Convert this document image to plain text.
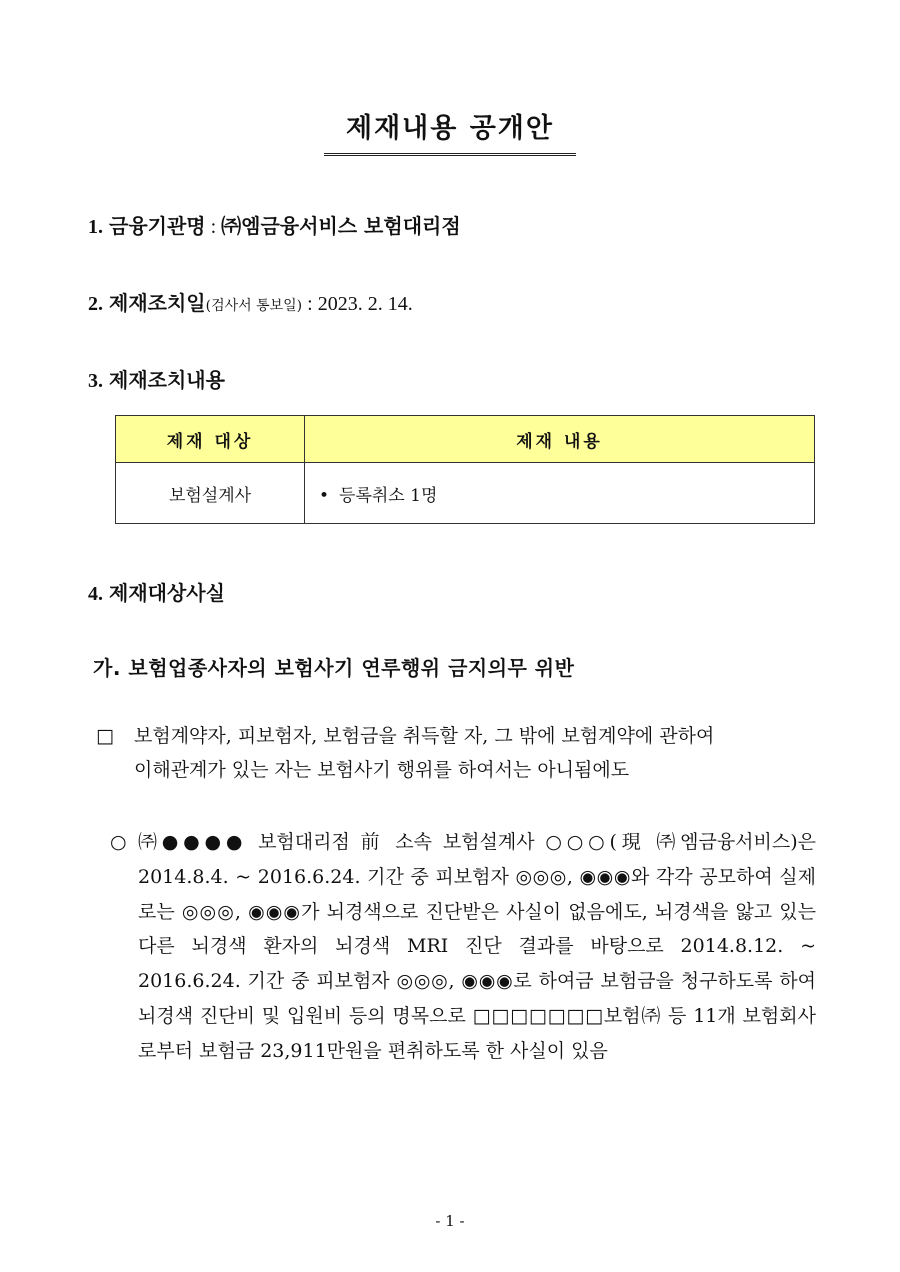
제재내용 공개안
1. 금융기관명 : ㈜엠금융서비스 보험대리점
2. 제재조치일(검사서 통보일) : 2023. 2. 14.
3. 제재조치내용
제재 대상	제재 내용
보험설계사	• 등록취소 1명
4. 제재대상사실
가. 보험업종사자의 보험사기 연루행위 금지의무 위반
□ 보험계약자, 피보험자, 보험금을 취득할 자, 그 밖에 보험계약에 관하여
이해관계가 있는 자는 보험사기 행위를 하여서는 아니됨에도
○ ㈜●●●● 보험대리점 前 소속 보험설계사 ○○○(現 ㈜엠금융서비스)은 2014.8.4. ~ 2016.6.24. 기간 중 피보험자 ◎◎◎, ◉◉◉와 각각 공모하여 실제로는 ◎◎◎, ◉◉◉가 뇌경색으로 진단받은 사실이 없음에도, 뇌경색을 앓고 있는 다른 뇌경색 환자의 뇌경색 MRI 진단 결과를 바탕으로 2014.8.12. ~ 2016.6.24. 기간 중 피보험자 ◎◎◎, ◉◉◉로 하여금 보험금을 청구하도록 하여 뇌경색 진단비 및 입원비 등의 명목으로 □□□□□□□보험㈜ 등 11개 보험회사로부터 보험금 23,911만원을 편취하도록 한 사실이 있음
- 1 -
